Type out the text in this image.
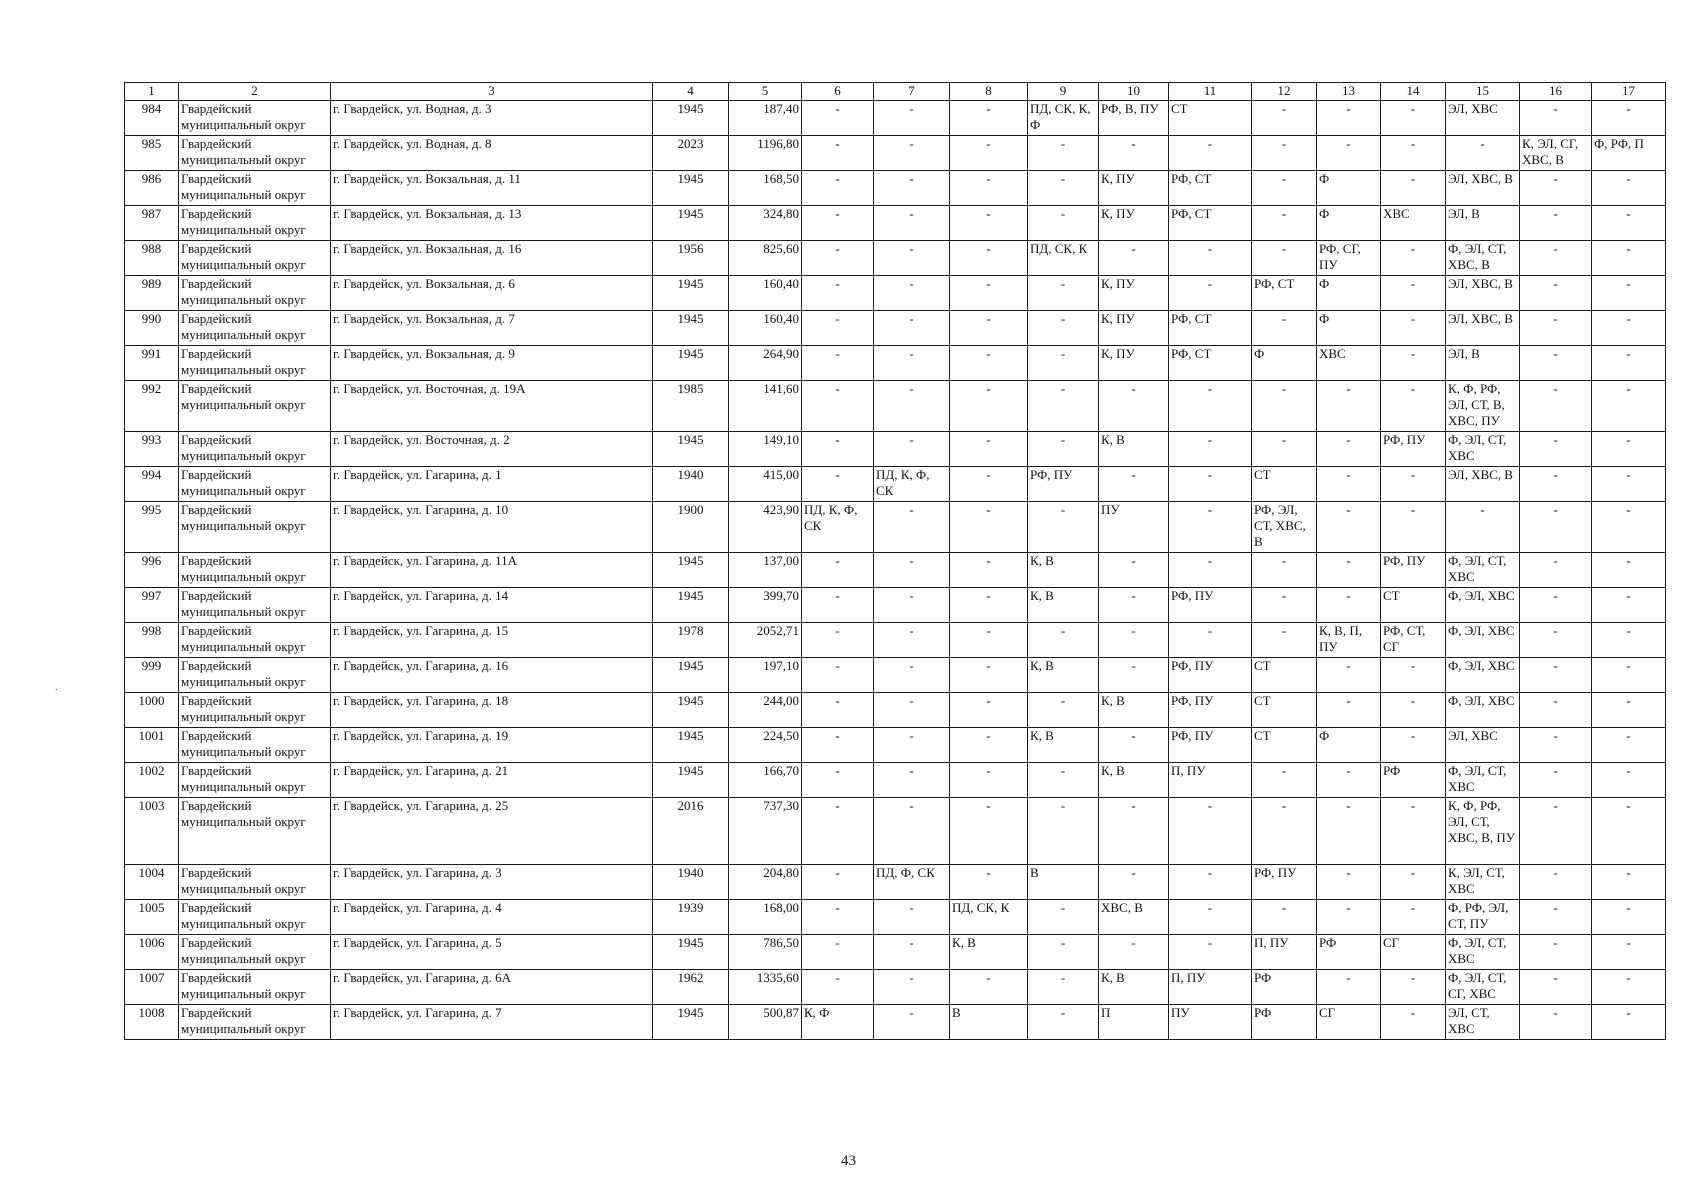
1	2	3	4	5	6	7	8	9	10	11	12	13	14	15	16	17
984	Гвардейский муниципальный округ	г. Гвардейск, ул. Водная, д. 3	1945	187,40	-	-	-	ПД, СК, К, Ф	РФ, В, ПУ	СТ	-	-	-	ЭЛ, ХВС	-	-
985	Гвардейский муниципальный округ	г. Гвардейск, ул. Водная, д. 8	2023	1196,80	-	-	-	-	-	-	-	-	-	-	К, ЭЛ, СГ, ХВС, В	Ф, РФ, П
986	Гвардейский муниципальный округ	г. Гвардейск, ул. Вокзальная, д. 11	1945	168,50	-	-	-	-	К, ПУ	РФ, СТ	-	Ф	-	ЭЛ, ХВС, В	-	-
987	Гвардейский муниципальный округ	г. Гвардейск, ул. Вокзальная, д. 13	1945	324,80	-	-	-	-	К, ПУ	РФ, СТ	-	Ф	ХВС	ЭЛ, В	-	-
988	Гвардейский муниципальный округ	г. Гвардейск, ул. Вокзальная, д. 16	1956	825,60	-	-	-	ПД, СК, К	-	-	-	РФ, СГ, ПУ	-	Ф, ЭЛ, СТ, ХВС, В	-	-
989	Гвардейский муниципальный округ	г. Гвардейск, ул. Вокзальная, д. 6	1945	160,40	-	-	-	-	К, ПУ	-	РФ, СТ	Ф	-	ЭЛ, ХВС, В	-	-
990	Гвардейский муниципальный округ	г. Гвардейск, ул. Вокзальная, д. 7	1945	160,40	-	-	-	-	К, ПУ	РФ, СТ	-	Ф	-	ЭЛ, ХВС, В	-	-
991	Гвардейский муниципальный округ	г. Гвардейск, ул. Вокзальная, д. 9	1945	264,90	-	-	-	-	К, ПУ	РФ, СТ	Ф	ХВС	-	ЭЛ, В	-	-
992	Гвардейский муниципальный округ	г. Гвардейск, ул. Восточная, д. 19А	1985	141,60	-	-	-	-	-	-	-	-	-	К, Ф, РФ, ЭЛ, СТ, В, ХВС, ПУ	-	-
993	Гвардейский муниципальный округ	г. Гвардейск, ул. Восточная, д. 2	1945	149,10	-	-	-	-	К, В	-	-	-	РФ, ПУ	Ф, ЭЛ, СТ, ХВС	-	-
994	Гвардейский муниципальный округ	г. Гвардейск, ул. Гагарина, д. 1	1940	415,00	-	ПД, К, Ф, СК	-	РФ, ПУ	-	-	СТ	-	-	ЭЛ, ХВС, В	-	-
995	Гвардейский муниципальный округ	г. Гвардейск, ул. Гагарина, д. 10	1900	423,90	ПД, К, Ф, СК	-	-	-	ПУ	-	РФ, ЭЛ, СТ, ХВС, В	-	-	-	-	-
996	Гвардейский муниципальный округ	г. Гвардейск, ул. Гагарина, д. 11А	1945	137,00	-	-	-	К, В	-	-	-	-	РФ, ПУ	Ф, ЭЛ, СТ, ХВС	-	-
997	Гвардейский муниципальный округ	г. Гвардейск, ул. Гагарина, д. 14	1945	399,70	-	-	-	К, В	-	РФ, ПУ	-	-	СТ	Ф, ЭЛ, ХВС	-	-
998	Гвардейский муниципальный округ	г. Гвардейск, ул. Гагарина, д. 15	1978	2052,71	-	-	-	-	-	-	-	К, В, П, ПУ	РФ, СТ, СГ	Ф, ЭЛ, ХВС	-	-
999	Гвардейский муниципальный округ	г. Гвардейск, ул. Гагарина, д. 16	1945	197,10	-	-	-	К, В	-	РФ, ПУ	СТ	-	-	Ф, ЭЛ, ХВС	-	-
1000	Гвардейский муниципальный округ	г. Гвардейск, ул. Гагарина, д. 18	1945	244,00	-	-	-	-	К, В	РФ, ПУ	СТ	-	-	Ф, ЭЛ, ХВС	-	-
1001	Гвардейский муниципальный округ	г. Гвардейск, ул. Гагарина, д. 19	1945	224,50	-	-	-	К, В	-	РФ, ПУ	СТ	Ф	-	ЭЛ, ХВС	-	-
1002	Гвардейский муниципальный округ	г. Гвардейск, ул. Гагарина, д. 21	1945	166,70	-	-	-	-	К, В	П, ПУ	-	-	РФ	Ф, ЭЛ, СТ, ХВС	-	-
1003	Гвардейский муниципальный округ	г. Гвардейск, ул. Гагарина, д. 25	2016	737,30	-	-	-	-	-	-	-	-	-	К, Ф, РФ, ЭЛ, СТ, ХВС, В, ПУ	-	-
1004	Гвардейский муниципальный округ	г. Гвардейск, ул. Гагарина, д. 3	1940	204,80	-	ПД, Ф, СК	-	В	-	-	РФ, ПУ	-	-	К, ЭЛ, СТ, ХВС	-	-
1005	Гвардейский муниципальный округ	г. Гвардейск, ул. Гагарина, д. 4	1939	168,00	-	-	ПД, СК, К	-	ХВС, В	-	-	-	-	Ф, РФ, ЭЛ, СТ, ПУ	-	-
1006	Гвардейский муниципальный округ	г. Гвардейск, ул. Гагарина, д. 5	1945	786,50	-	-	К, В	-	-	-	П, ПУ	РФ	СГ	Ф, ЭЛ, СТ, ХВС	-	-
1007	Гвардейский муниципальный округ	г. Гвардейск, ул. Гагарина, д. 6А	1962	1335,60	-	-	-	-	К, В	П, ПУ	РФ	-	-	Ф, ЭЛ, СТ, СГ, ХВС	-	-
1008	Гвардейский муниципальный округ	г. Гвардейск, ул. Гагарина, д. 7	1945	500,87	К, Ф	-	В	-	П	ПУ	РФ	СГ	-	ЭЛ, СТ, ХВС	-	-
.
43
